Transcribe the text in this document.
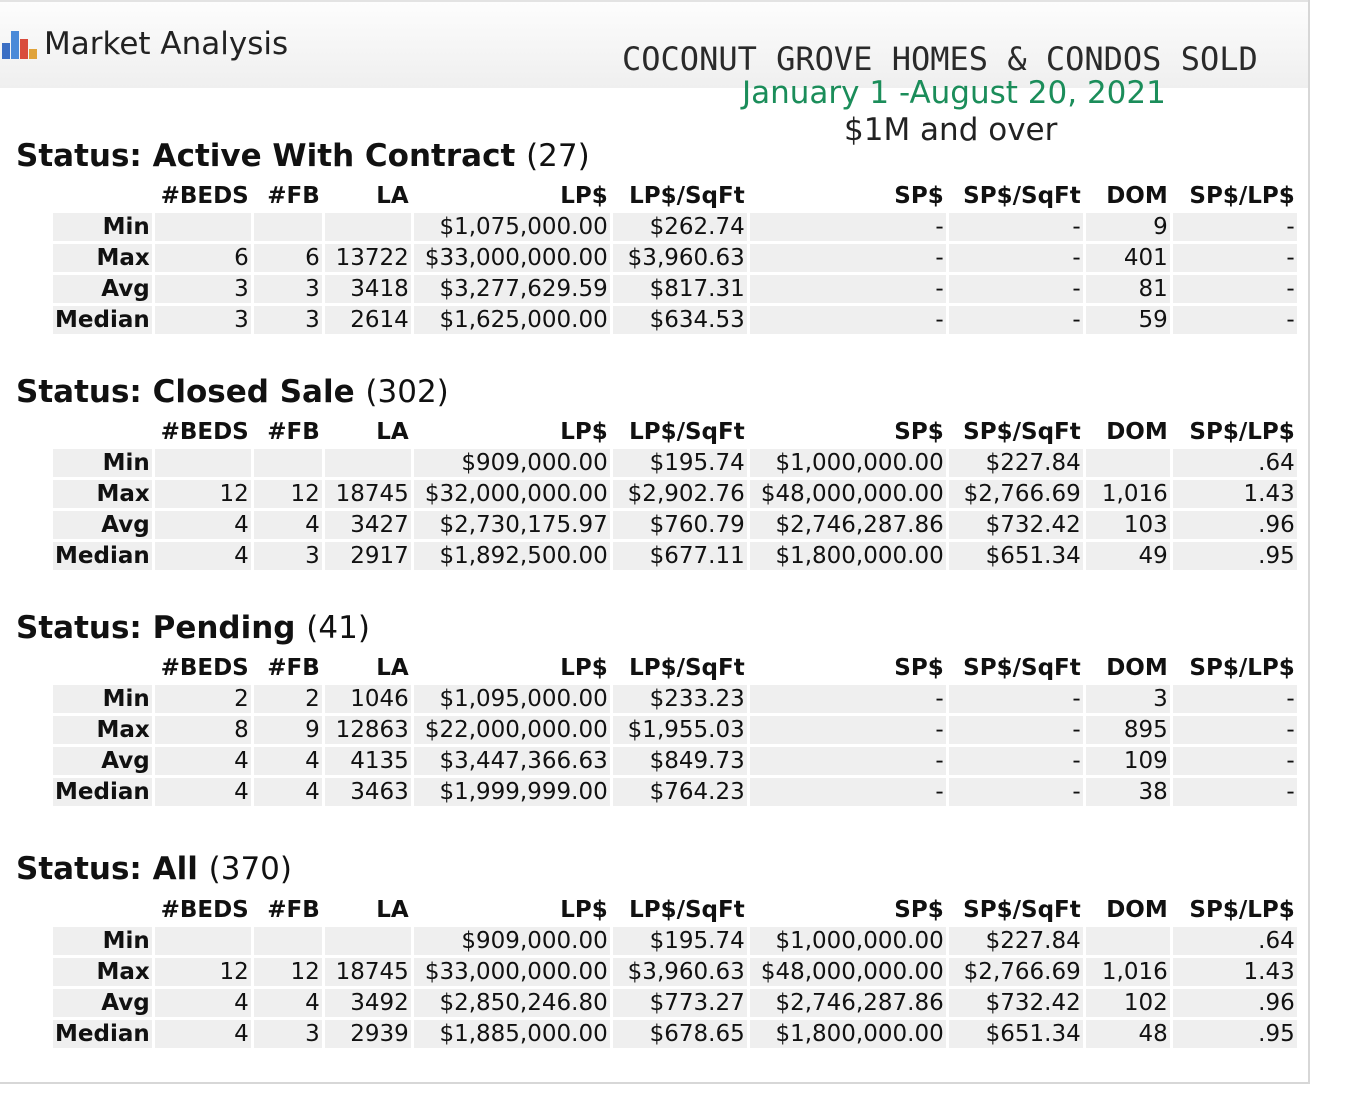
Market Analysis	COCONUT GROVE HOMES & CONDOS SOLD
January 1 -August 20, 2021
$1M and over
Status: Active With Contract (27)
	#BEDS	#FB	LA	LP$	LP$/SqFt	SP$	SP$/SqFt	DOM	SP$/LP$
Min				$1,075,000.00	$262.74	-	-	9	-
Max	6	6	13722	$33,000,000.00	$3,960.63	-	-	401	-
Avg	3	3	3418	$3,277,629.59	$817.31	-	-	81	-
Median	3	3	2614	$1,625,000.00	$634.53	-	-	59	-
Status: Closed Sale (302)
	#BEDS	#FB	LA	LP$	LP$/SqFt	SP$	SP$/SqFt	DOM	SP$/LP$
Min				$909,000.00	$195.74	$1,000,000.00	$227.84		.64
Max	12	12	18745	$32,000,000.00	$2,902.76	$48,000,000.00	$2,766.69	1,016	1.43
Avg	4	4	3427	$2,730,175.97	$760.79	$2,746,287.86	$732.42	103	.96
Median	4	3	2917	$1,892,500.00	$677.11	$1,800,000.00	$651.34	49	.95
Status: Pending (41)
	#BEDS	#FB	LA	LP$	LP$/SqFt	SP$	SP$/SqFt	DOM	SP$/LP$
Min	2	2	1046	$1,095,000.00	$233.23	-	-	3	-
Max	8	9	12863	$22,000,000.00	$1,955.03	-	-	895	-
Avg	4	4	4135	$3,447,366.63	$849.73	-	-	109	-
Median	4	4	3463	$1,999,999.00	$764.23	-	-	38	-
Status: All (370)
	#BEDS	#FB	LA	LP$	LP$/SqFt	SP$	SP$/SqFt	DOM	SP$/LP$
Min				$909,000.00	$195.74	$1,000,000.00	$227.84		.64
Max	12	12	18745	$33,000,000.00	$3,960.63	$48,000,000.00	$2,766.69	1,016	1.43
Avg	4	4	3492	$2,850,246.80	$773.27	$2,746,287.86	$732.42	102	.96
Median	4	3	2939	$1,885,000.00	$678.65	$1,800,000.00	$651.34	48	.95
